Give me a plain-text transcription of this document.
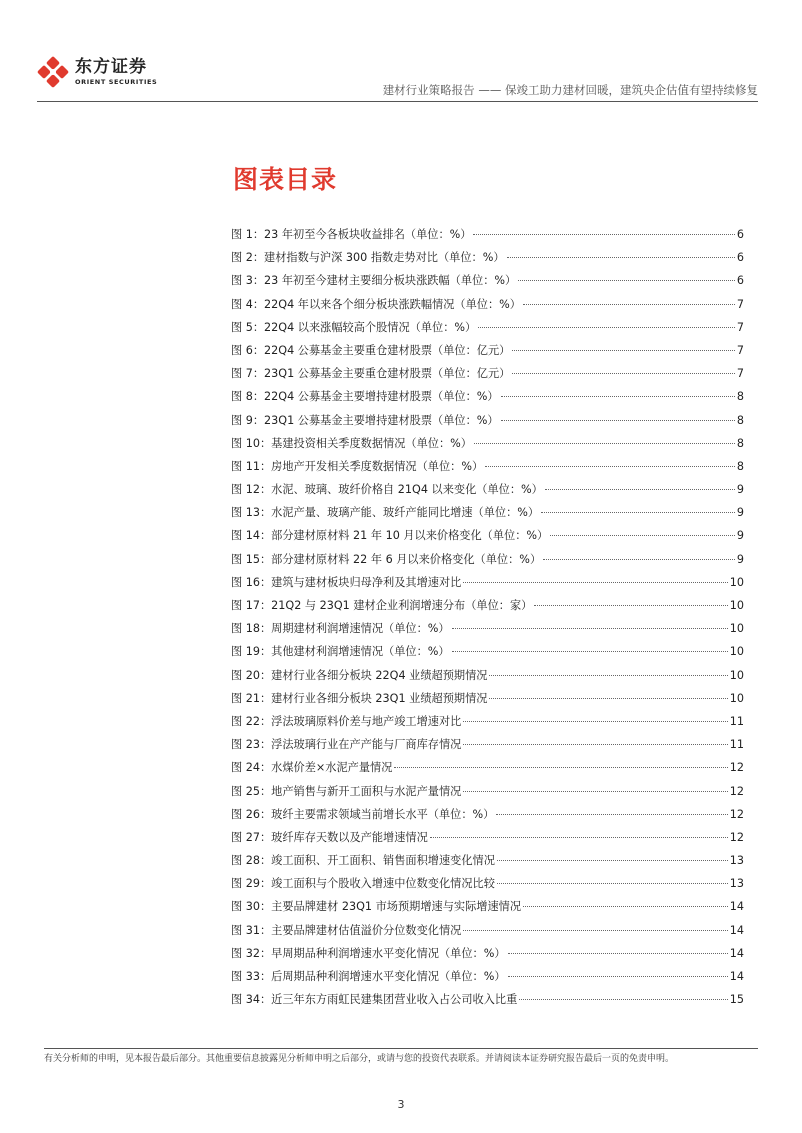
东方证券
ORIENT SECURITIES
建材行业策略报告 —— 保竣工助力建材回暖，建筑央企估值有望持续修复
图表目录
图 1：23 年初至今各板块收益排名（单位：%）	6
图 2：建材指数与沪深 300 指数走势对比（单位：%）	6
图 3：23 年初至今建材主要细分板块涨跌幅（单位：%）	6
图 4：22Q4 年以来各个细分板块涨跌幅情况（单位：%）	7
图 5：22Q4 以来涨幅较高个股情况（单位：%）	7
图 6：22Q4 公募基金主要重仓建材股票（单位：亿元）	7
图 7：23Q1 公募基金主要重仓建材股票（单位：亿元）	7
图 8：22Q4 公募基金主要增持建材股票（单位：%）	8
图 9：23Q1 公募基金主要增持建材股票（单位：%）	8
图 10：基建投资相关季度数据情况（单位：%）	8
图 11：房地产开发相关季度数据情况（单位：%）	8
图 12：水泥、玻璃、玻纤价格自 21Q4 以来变化（单位：%）	9
图 13：水泥产量、玻璃产能、玻纤产能同比增速（单位：%）	9
图 14：部分建材原材料 21 年 10 月以来价格变化（单位：%）	9
图 15：部分建材原材料 22 年 6 月以来价格变化（单位：%）	9
图 16：建筑与建材板块归母净利及其增速对比	10
图 17：21Q2 与 23Q1 建材企业利润增速分布（单位：家）	10
图 18：周期建材利润增速情况（单位：%）	10
图 19：其他建材利润增速情况（单位：%）	10
图 20：建材行业各细分板块 22Q4 业绩超预期情况	10
图 21：建材行业各细分板块 23Q1 业绩超预期情况	10
图 22：浮法玻璃原料价差与地产竣工增速对比	11
图 23：浮法玻璃行业在产产能与厂商库存情况	11
图 24：水煤价差×水泥产量情况	12
图 25：地产销售与新开工面积与水泥产量情况	12
图 26：玻纤主要需求领域当前增长水平（单位：%）	12
图 27：玻纤库存天数以及产能增速情况	12
图 28：竣工面积、开工面积、销售面积增速变化情况	13
图 29：竣工面积与个股收入增速中位数变化情况比较	13
图 30：主要品牌建材 23Q1 市场预期增速与实际增速情况	14
图 31：主要品牌建材估值溢价分位数变化情况	14
图 32：早周期品种利润增速水平变化情况（单位：%）	14
图 33：后周期品种利润增速水平变化情况（单位：%）	14
图 34：近三年东方雨虹民建集团营业收入占公司收入比重	15
有关分析师的申明，见本报告最后部分。其他重要信息披露见分析师申明之后部分，或请与您的投资代表联系。并请阅读本证券研究报告最后一页的免责申明。
3
